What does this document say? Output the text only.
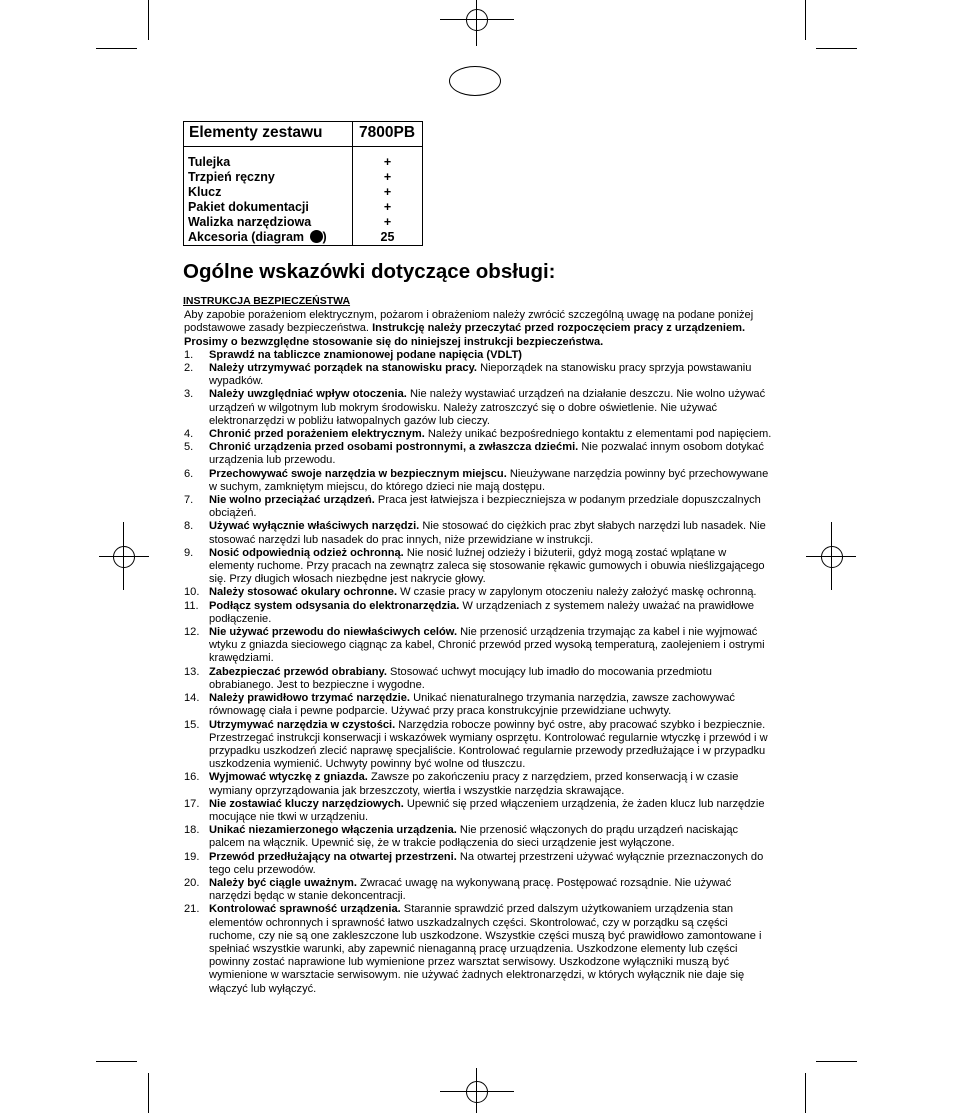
Elementy zestawu 7800PB
Tulejka	+
Trzpień ręczny	+
Klucz	+
Pakiet dokumentacji	+
Walizka narzędziowa	+
Akcesoria (diagram )	25
Ogólne wskazówki dotyczące obsługi:
INSTRUKCJA BEZPIECZEŃSTWA

Aby zapobie porażeniom elektrycznym, pożarom i obrażeniom należy zwrócić szczególną uwagę na podane poniżej podstawowe zasady bezpieczeństwa. Instrukcję należy przeczytać przed rozpoczęciem pracy z urządzeniem. Prosimy o bezwzględne stosowanie się do niniejszej instrukcji bezpieczeństwa.

1. Sprawdź na tabliczce znamionowej podane napięcia (VDLT)
2. Należy utrzymywać porządek na stanowisku pracy. Nieporządek na stanowisku pracy sprzyja powstawaniu wypadków.
3. Należy uwzględniać wpływ otoczenia. Nie należy wystawiać urządzeń na działanie deszczu. Nie wolno używać urządzeń w wilgotnym lub mokrym środowisku. Należy zatroszczyć się o dobre oświetlenie. Nie używać elektronarzędzi w pobliżu łatwopalnych gazów lub cieczy.
4. Chronić przed porażeniem elektrycznym. Należy unikać bezpośredniego kontaktu z elementami pod napięciem.
5. Chronić urządzenia przed osobami postronnymi, a zwłaszcza dziećmi. Nie pozwalać innym osobom dotykać urządzenia lub przewodu.
6. Przechowywać swoje narzędzia w bezpiecznym miejscu. Nieużywane narzędzia powinny być przechowywane w suchym, zamkniętym miejscu, do którego dzieci nie mają dostępu.
7. Nie wolno przeciążać urządzeń. Praca jest łatwiejsza i bezpieczniejsza w podanym przedziale dopuszczalnych obciążeń.
8. Używać wyłącznie właściwych narzędzi. Nie stosować do ciężkich prac zbyt słabych narzędzi lub nasadek. Nie stosować narzędzi lub nasadek do prac innych, niże przewidziane w instrukcji.
9. Nosić odpowiednią odzież ochronną. Nie nosić luźnej odzieży i biżuterii, gdyż mogą zostać wplątane w elementy ruchome. Przy pracach na zewnątrz zaleca się stosowanie rękawic gumowych i obuwia nieślizgającego się. Przy długich włosach niezbędne jest nakrycie głowy.
10. Należy stosować okulary ochronne. W czasie pracy w zapylonym otoczeniu należy założyć maskę ochronną.
11. Podłącz system odsysania do elektronarzędzia. W urządzeniach z systemem należy uważać na prawidłowe podłączenie.
12. Nie używać przewodu do niewłaściwych celów. Nie przenosić urządzenia trzymając za kabel i nie wyjmować wtyku z gniazda sieciowego ciągnąc za kabel, Chronić przewód przed wysoką temperaturą, zaolejeniem i ostrymi krawędziami.
13. Zabezpieczać przewód obrabiany. Stosować uchwyt mocujący lub imadło do mocowania przedmiotu obrabianego. Jest to bezpieczne i wygodne.
14. Należy prawidłowo trzymać narzędzie. Unikać nienaturalnego trzymania narzędzia, zawsze zachowywać równowagę ciała i pewne podparcie. Używać przy praca konstrukcyjnie przewidziane uchwyty.
15. Utrzymywać narzędzia w czystości. Narzędzia robocze powinny być ostre, aby pracować szybko i bezpiecznie. Przestrzegać instrukcji konserwacji i wskazówek wymiany osprzętu. Kontrolować regularnie wtyczkę i przewód i w przypadku uszkodzeń zlecić naprawę specjaliście. Kontrolować regularnie przewody przedłużające i w przypadku uszkodzenia wymienić. Uchwyty powinny być wolne od tłuszczu.
16. Wyjmować wtyczkę z gniazda. Zawsze po zakończeniu pracy z narzędziem, przed konserwacją i w czasie wymiany oprzyrządowania jak brzeszczoty, wiertła i wszystkie narzędzia skrawające.
17. Nie zostawiać kluczy narzędziowych. Upewnić się przed włączeniem urządzenia, że żaden klucz lub narzędzie mocujące nie tkwi w urządzeniu.
18. Unikać niezamierzonego włączenia urządzenia. Nie przenosić włączonych do prądu urządzeń naciskając palcem na włącznik. Upewnić się, że w trakcie podłączenia do sieci urządzenie jest wyłączone.
19. Przewód przedłużający na otwartej przestrzeni. Na otwartej przestrzeni używać wyłącznie przeznaczonych do tego celu przewodów.
20. Należy być ciągle uważnym. Zwracać uwagę na wykonywaną pracę. Postępować rozsądnie. Nie używać narzędzi będąc w stanie dekoncentracji.
21. Kontrolować sprawność urządzenia. Starannie sprawdzić przed dalszym użytkowaniem urządzenia stan elementów ochronnych i sprawność łatwo uszkadzalnych części. Skontrolować, czy w porządku są części ruchome, czy nie są one zakleszczone lub uszkodzone. Wszystkie części muszą być prawidłowo zamontowane i spełniać wszystkie warunki, aby zapewnić nienaganną pracę urzuądzenia. Uszkodzone elementy lub części powinny zostać naprawione lub wymienione przez warsztat serwisowy. Uszkodzone wyłączniki muszą być wymienione w warsztacie serwisowym. nie używać żadnych elektronarzędzi, w których wyłącznik nie daje się włączyć lub wyłączyć.
